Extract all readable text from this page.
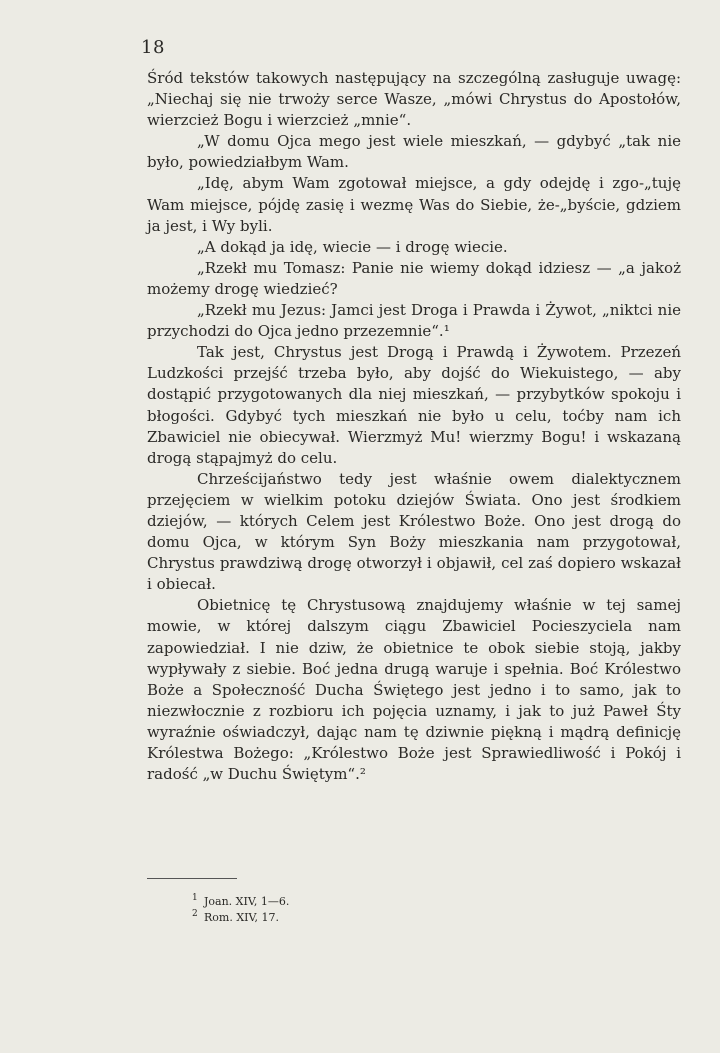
18

Śród tekstów takowych następujący na szczególną zasługuje uwagę: „Niechaj się nie trwoży serce Wasze, „mówi Chrystus do Apostołów, wierzcież Bogu i wierzcież „mnie“.

„W domu Ojca mego jest wiele mieszkań, — gdybyć „tak nie było, powiedziałbym Wam.

„Idę, abym Wam zgotował miejsce, a gdy odejdę i zgo-„tuję Wam miejsce, pójdę zasię i wezmę Was do Siebie, że-„byście, gdziem ja jest, i Wy byli.

„A dokąd ja idę, wiecie — i drogę wiecie.

„Rzekł mu Tomasz: Panie nie wiemy dokąd idziesz — „a jakoż możemy drogę wiedzieć?

„Rzekł mu Jezus: Jamci jest Droga i Prawda i Żywot, „niktci nie przychodzi do Ojca jedno przezemnie“.¹

Tak jest, Chrystus jest Drogą i Prawdą i Żywotem. Przezeń Ludzkości przejść trzeba było, aby dojść do Wiekuistego, — aby dostąpić przygotowanych dla niej mieszkań, — przybytków spokoju i błogości. Gdybyć tych mieszkań nie było u celu, toćby nam ich Zbawiciel nie obiecywał. Wierzmyż Mu! wierzmy Bogu! i wskazaną drogą stąpajmyż do celu.

Chrześcijaństwo tedy jest właśnie owem dialektycznem przejęciem w wielkim potoku dziejów Świata. Ono jest środkiem dziejów, — których Celem jest Królestwo Boże. Ono jest drogą do domu Ojca, w którym Syn Boży mieszkania nam przygotował, Chrystus prawdziwą drogę otworzył i objawił, cel zaś dopiero wskazał i obiecał.

Obietnicę tę Chrystusową znajdujemy właśnie w tej samej mowie, w której dalszym ciągu Zbawiciel Pocieszyciela nam zapowiedział. I nie dziw, że obietnice te obok siebie stoją, jakby wypływały z siebie. Boć jedna drugą waruje i spełnia. Boć Królestwo Boże a Społeczność Ducha Świętego jest jedno i to samo, jak to niezwłocznie z rozbioru ich pojęcia uznamy, i jak to już Paweł Śty wyraźnie oświadczył, dając nam tę dziwnie piękną i mądrą definicję Królestwa Bożego: „Królestwo Boże jest Sprawiedliwość i Pokój i radość „w Duchu Świętym“.²

1 Joan. XIV, 1—6.
2 Rom. XIV, 17.
